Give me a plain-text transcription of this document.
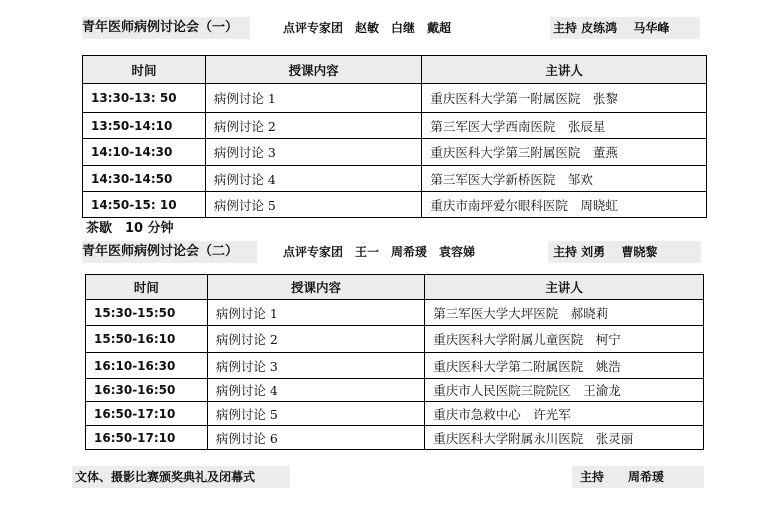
青年医师病例讨论会（一）	点评专家团　赵敏　白继　戴超	主持 皮练鸿　 马华峰
时间	授课内容	主讲人
13:30-13: 50	病例讨论 1	重庆医科大学第一附属医院　张黎
13:50-14:10	病例讨论 2	第三军医大学西南医院　张辰星
14:10-14:30	病例讨论 3	重庆医科大学第三附属医院　董燕
14:30-14:50	病例讨论 4	第三军医大学新桥医院　邹欢
14:50-15: 10	病例讨论 5	重庆市南坪爱尔眼科医院　周晓虹
茶歇　10 分钟
青年医师病例讨论会（二）	点评专家团　王一　周希瑗　袁容娣	主持 刘勇　 曹晓黎
时间	授课内容	主讲人
15:30-15:50	病例讨论 1	第三军医大学大坪医院　郝晓莉
15:50-16:10	病例讨论 2	重庆医科大学附属儿童医院　柯宁
16:10-16:30	病例讨论 3	重庆医科大学第二附属医院　姚浩
16:30-16:50	病例讨论 4	重庆市人民医院三院院区　王渝龙
16:50-17:10	病例讨论 5	重庆市急救中心　许光军
16:50-17:10	病例讨论 6	重庆医科大学附属永川医院　张灵丽
文体、摄影比赛颁奖典礼及闭幕式	主持　　周希瑗
